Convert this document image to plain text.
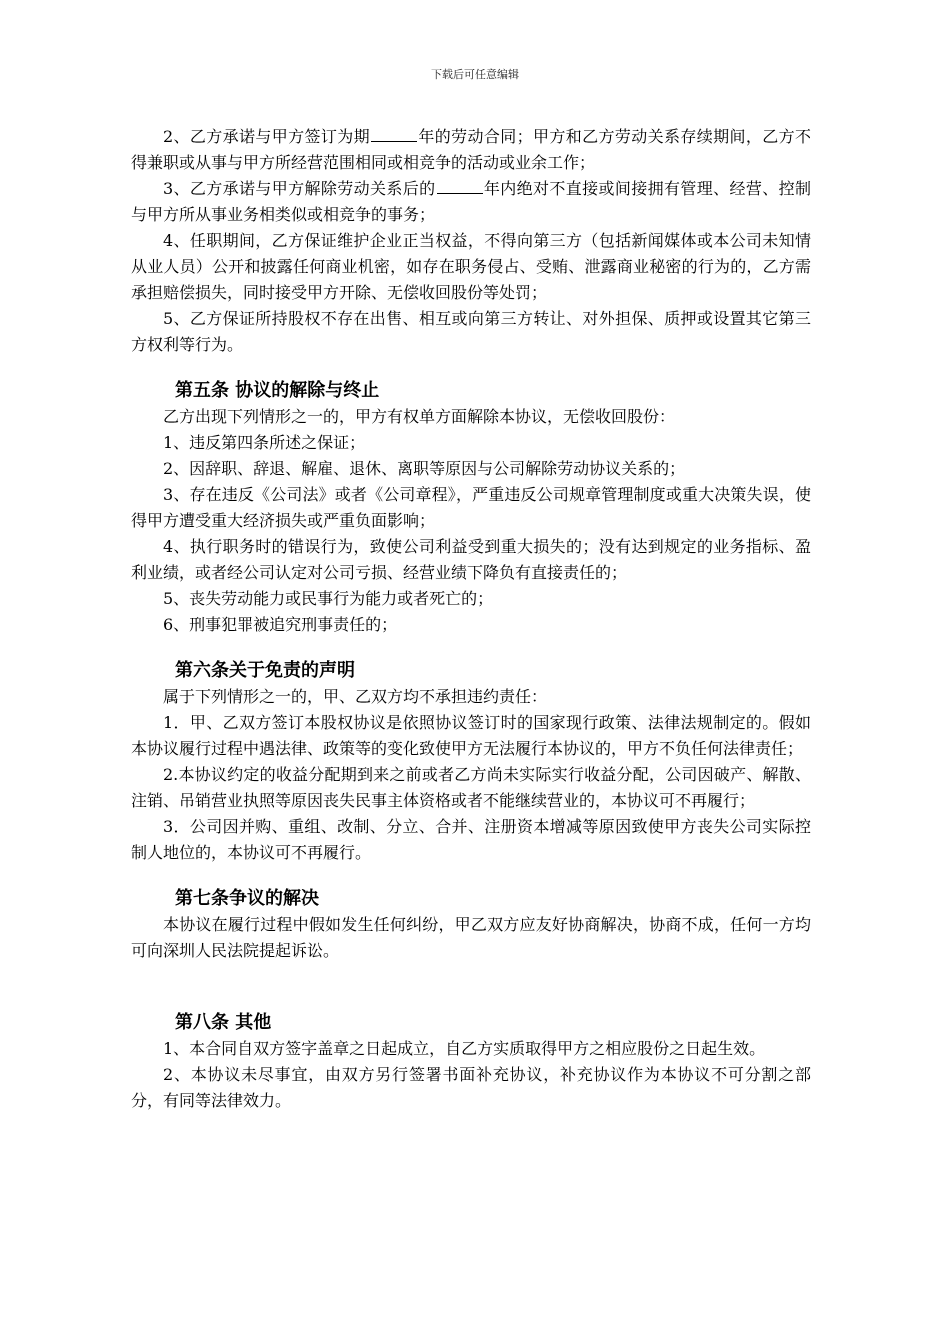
下载后可任意编辑

2、乙方承诺与甲方签订为期	年的劳动合同；甲方和乙方劳动关系存续期间，乙方不得兼职或从事与甲方所经营范围相同或相竞争的活动或业余工作；

3、乙方承诺与甲方解除劳动关系后的	年内绝对不直接或间接拥有管理、经营、控制与甲方所从事业务相类似或相竞争的事务；

4、任职期间，乙方保证维护企业正当权益，不得向第三方（包括新闻媒体或本公司未知情从业人员）公开和披露任何商业机密，如存在职务侵占、受贿、泄露商业秘密的行为的，乙方需承担赔偿损失，同时接受甲方开除、无偿收回股份等处罚；

5、乙方保证所持股权不存在出售、相互或向第三方转让、对外担保、质押或设置其它第三方权利等行为。

第五条 协议的解除与终止

乙方出现下列情形之一的，甲方有权单方面解除本协议，无偿收回股份：

1、违反第四条所述之保证；

2、因辞职、辞退、解雇、退休、离职等原因与公司解除劳动协议关系的；

3、存在违反《公司法》或者《公司章程》，严重违反公司规章管理制度或重大决策失误，使得甲方遭受重大经济损失或严重负面影响；

4、执行职务时的错误行为，致使公司利益受到重大损失的；没有达到规定的业务指标、盈利业绩，或者经公司认定对公司亏损、经营业绩下降负有直接责任的；

5、丧失劳动能力或民事行为能力或者死亡的；

6、刑事犯罪被追究刑事责任的；

第六条关于免责的声明

属于下列情形之一的，甲、乙双方均不承担违约责任：

1．甲、乙双方签订本股权协议是依照协议签订时的国家现行政策、法律法规制定的。假如本协议履行过程中遇法律、政策等的变化致使甲方无法履行本协议的，甲方不负任何法律责任；

2.本协议约定的收益分配期到来之前或者乙方尚未实际实行收益分配，公司因破产、解散、注销、吊销营业执照等原因丧失民事主体资格或者不能继续营业的，本协议可不再履行；

3．公司因并购、重组、改制、分立、合并、注册资本增减等原因致使甲方丧失公司实际控制人地位的，本协议可不再履行。

第七条争议的解决

本协议在履行过程中假如发生任何纠纷，甲乙双方应友好协商解决，协商不成，任何一方均可向深圳人民法院提起诉讼。

第八条 其他

1、本合同自双方签字盖章之日起成立，自乙方实质取得甲方之相应股份之日起生效。

2、本协议未尽事宜，由双方另行签署书面补充协议，补充协议作为本协议不可分割之部分，有同等法律效力。
